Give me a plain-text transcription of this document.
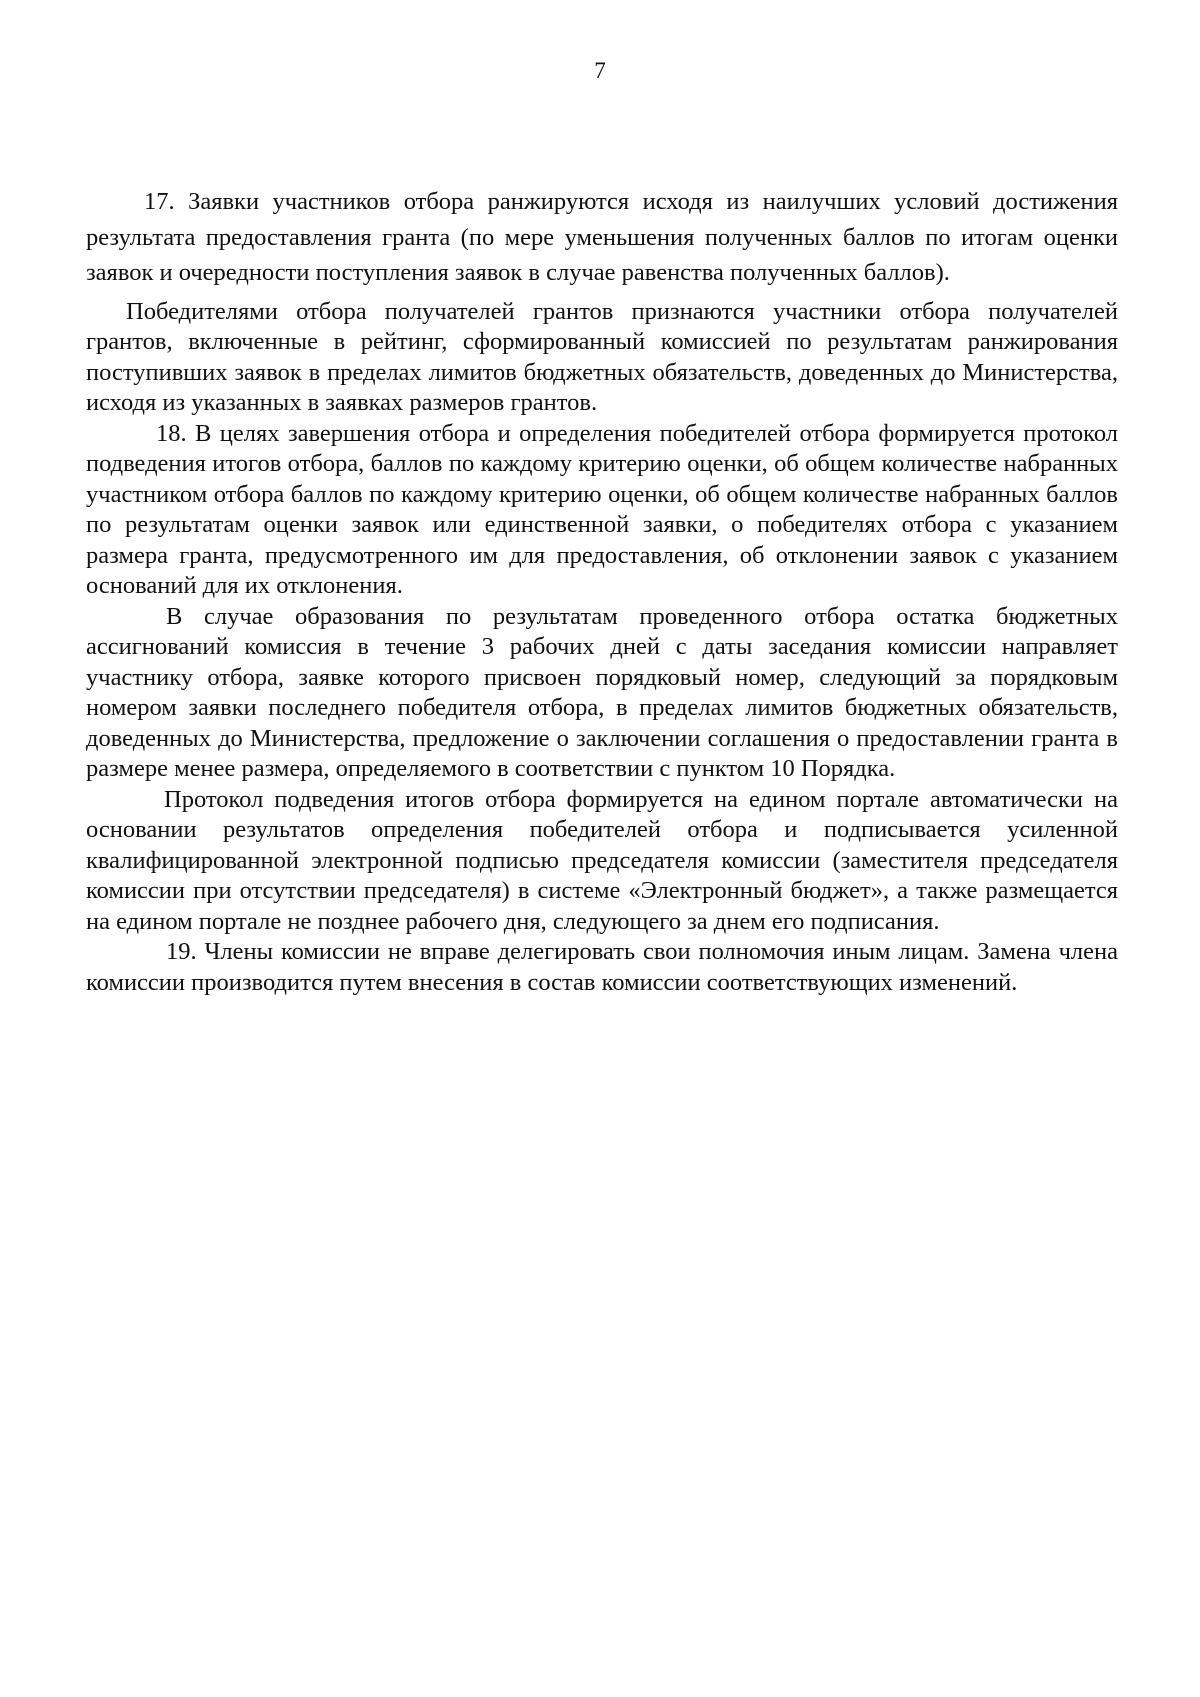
7

17. Заявки участников отбора ранжируются исходя из наилучших условий достижения результата предоставления гранта (по мере уменьшения полученных баллов по итогам оценки заявок и очередности поступления заявок в случае равенства полученных баллов).

Победителями отбора получателей грантов признаются участники отбора получателей грантов, включенные в рейтинг, сформированный комиссией по результатам ранжирования поступивших заявок в пределах лимитов бюджетных обязательств, доведенных до Министерства, исходя из указанных в заявках размеров грантов.

18. В целях завершения отбора и определения победителей отбора формируется протокол подведения итогов отбора, баллов по каждому критерию оценки, об общем количестве набранных участником отбора баллов по каждому критерию оценки, об общем количестве набранных баллов по результатам оценки заявок или единственной заявки, о победителях отбора с указанием размера гранта, предусмотренного им для предоставления, об отклонении заявок с указанием оснований для их отклонения.

В случае образования по результатам проведенного отбора остатка бюджетных ассигнований комиссия в течение 3 рабочих дней с даты заседания комиссии направляет участнику отбора, заявке которого присвоен порядковый номер, следующий за порядковым номером заявки последнего победителя отбора, в пределах лимитов бюджетных обязательств, доведенных до Министерства, предложение о заключении соглашения о предоставлении гранта в размере менее размера, определяемого в соответствии с пунктом 10 Порядка.

Протокол подведения итогов отбора формируется на едином портале автоматически на основании результатов определения победителей отбора и подписывается усиленной квалифицированной электронной подписью председателя комиссии (заместителя председателя комиссии при отсутствии председателя) в системе «Электронный бюджет», а также размещается на едином портале не позднее рабочего дня, следующего за днем его подписания.

19. Члены комиссии не вправе делегировать свои полномочия иным лицам. Замена члена комиссии производится путем внесения в состав комиссии соответствующих изменений.
